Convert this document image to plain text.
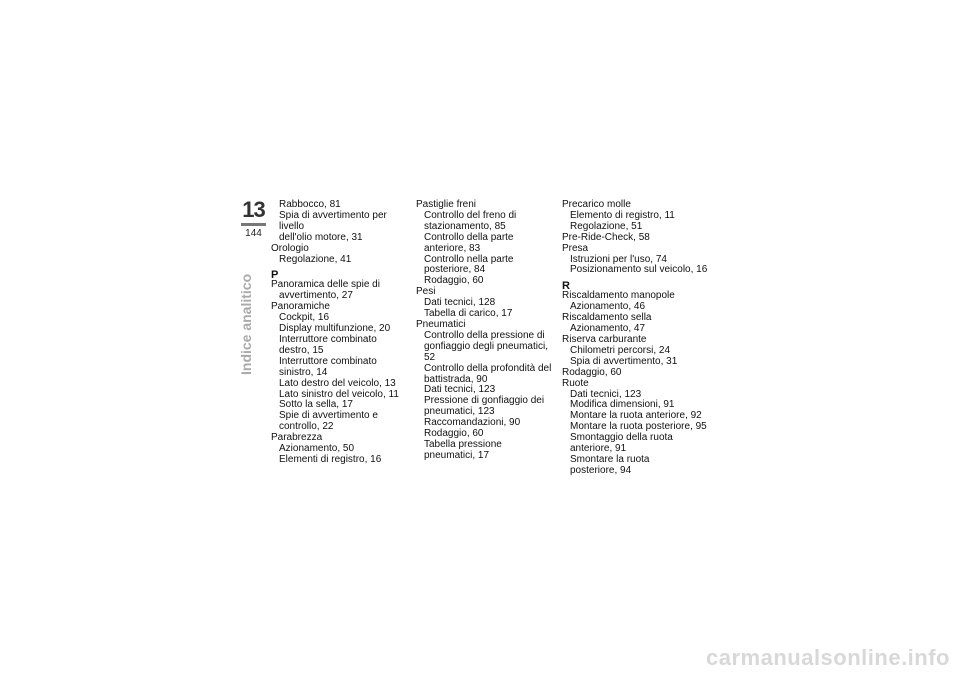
13
144
Indice analitico
Rabbocco, 81
Spia di avvertimento per livello
dell'olio motore, 31
Orologio
Regolazione, 41
P
Panoramica delle spie di
avvertimento, 27
Panoramiche
Cockpit, 16
Display multifunzione, 20
Interruttore combinato
destro, 15
Interruttore combinato
sinistro, 14
Lato destro del veicolo, 13
Lato sinistro del veicolo, 11
Sotto la sella, 17
Spie di avvertimento e
controllo, 22
Parabrezza
Azionamento, 50
Elementi di registro, 16
Pastiglie freni
Controllo del freno di
stazionamento, 85
Controllo della parte
anteriore, 83
Controllo nella parte
posteriore, 84
Rodaggio, 60
Pesi
Dati tecnici, 128
Tabella di carico, 17
Pneumatici
Controllo della pressione di
gonfiaggio degli pneumatici, 52
Controllo della profondità del
battistrada, 90
Dati tecnici, 123
Pressione di gonfiaggio dei
pneumatici, 123
Raccomandazioni, 90
Rodaggio, 60
Tabella pressione
pneumatici, 17
Precarico molle
Elemento di registro, 11
Regolazione, 51
Pre-Ride-Check, 58
Presa
Istruzioni per l'uso, 74
Posizionamento sul veicolo, 16
R
Riscaldamento manopole
Azionamento, 46
Riscaldamento sella
Azionamento, 47
Riserva carburante
Chilometri percorsi, 24
Spia di avvertimento, 31
Rodaggio, 60
Ruote
Dati tecnici, 123
Modifica dimensioni, 91
Montare la ruota anteriore, 92
Montare la ruota posteriore, 95
Smontaggio della ruota
anteriore, 91
Smontare la ruota
posteriore, 94
carmanualsonline.info
